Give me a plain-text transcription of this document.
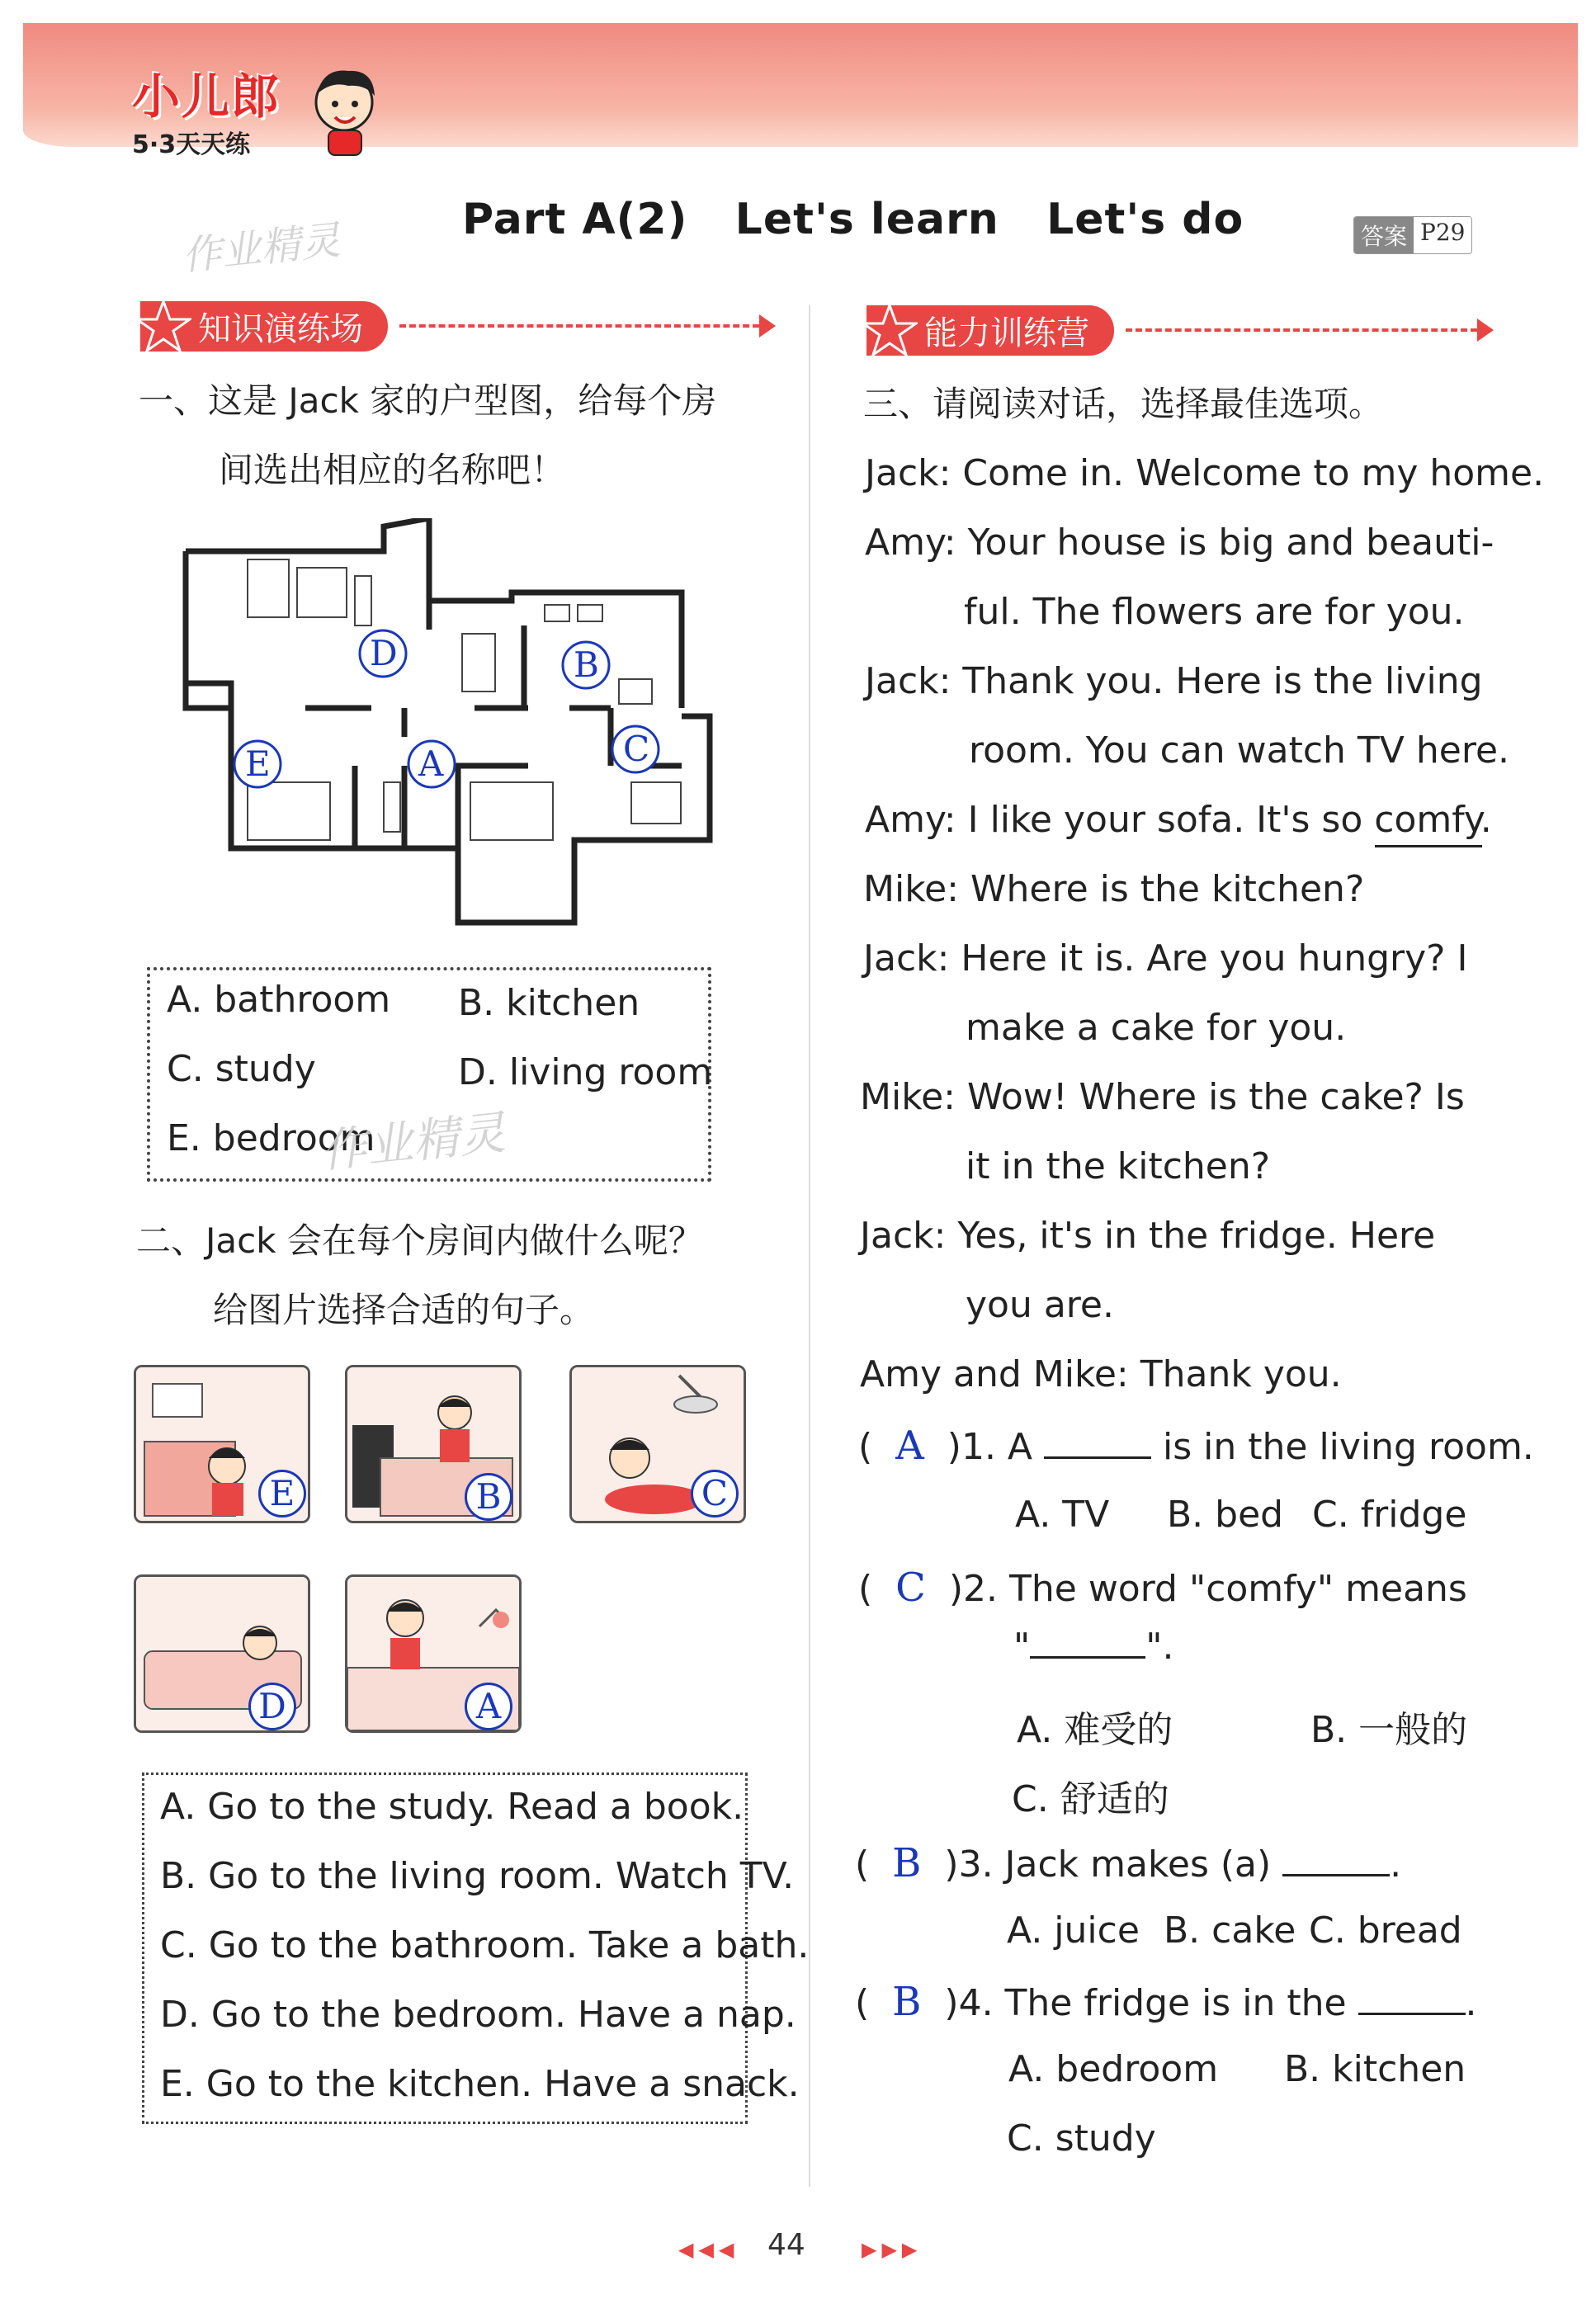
小儿郎
5·3天天练
作业精灵	Part A(2)   Let's learn   Let's do	答案 P29
知识演练场
一、这是 Jack 家的户型图，给每个房
间选出相应的名称吧！
D	B
E	A	C
A. bathroom B. kitchen
C. study	D. living room
E. bedroom
作业精灵
二、Jack 会在每个房间内做什么呢？
给图片选择合适的句子。
E	B	C
D	A
A. Go to the study. Read a book.
B. Go to the living room. Watch TV.
C. Go to the bathroom. Take a bath.
D. Go to the bedroom. Have a nap.
E. Go to the kitchen. Have a snack.
能力训练营
三、请阅读对话，选择最佳选项。
Jack: Come in. Welcome to my home.
Amy: Your house is big and beauti-
ful. The flowers are for you.
Jack: Thank you. Here is the living
room. You can watch TV here.
Amy: I like your sofa. It's so comfy.
Mike: Where is the kitchen?
Jack: Here it is. Are you hungry? I
make a cake for you.
Mike: Wow! Where is the cake? Is
it in the kitchen?
Jack: Yes, it's in the fridge. Here
you are.
Amy and Mike: Thank you.
(  A )1. A	is in the living room.
A. TV B. bed C. fridge
(  C )2. The word "comfy" means
"	".
A. 难受的	B. 一般的
C. 舒适的
(  B )3. Jack makes (a)	.
A. juice B. cake C. bread
(  B )4. The fridge is in the	.
A. bedroom B. kitchen
C. study
◀◀◀ 44	▶▶▶
